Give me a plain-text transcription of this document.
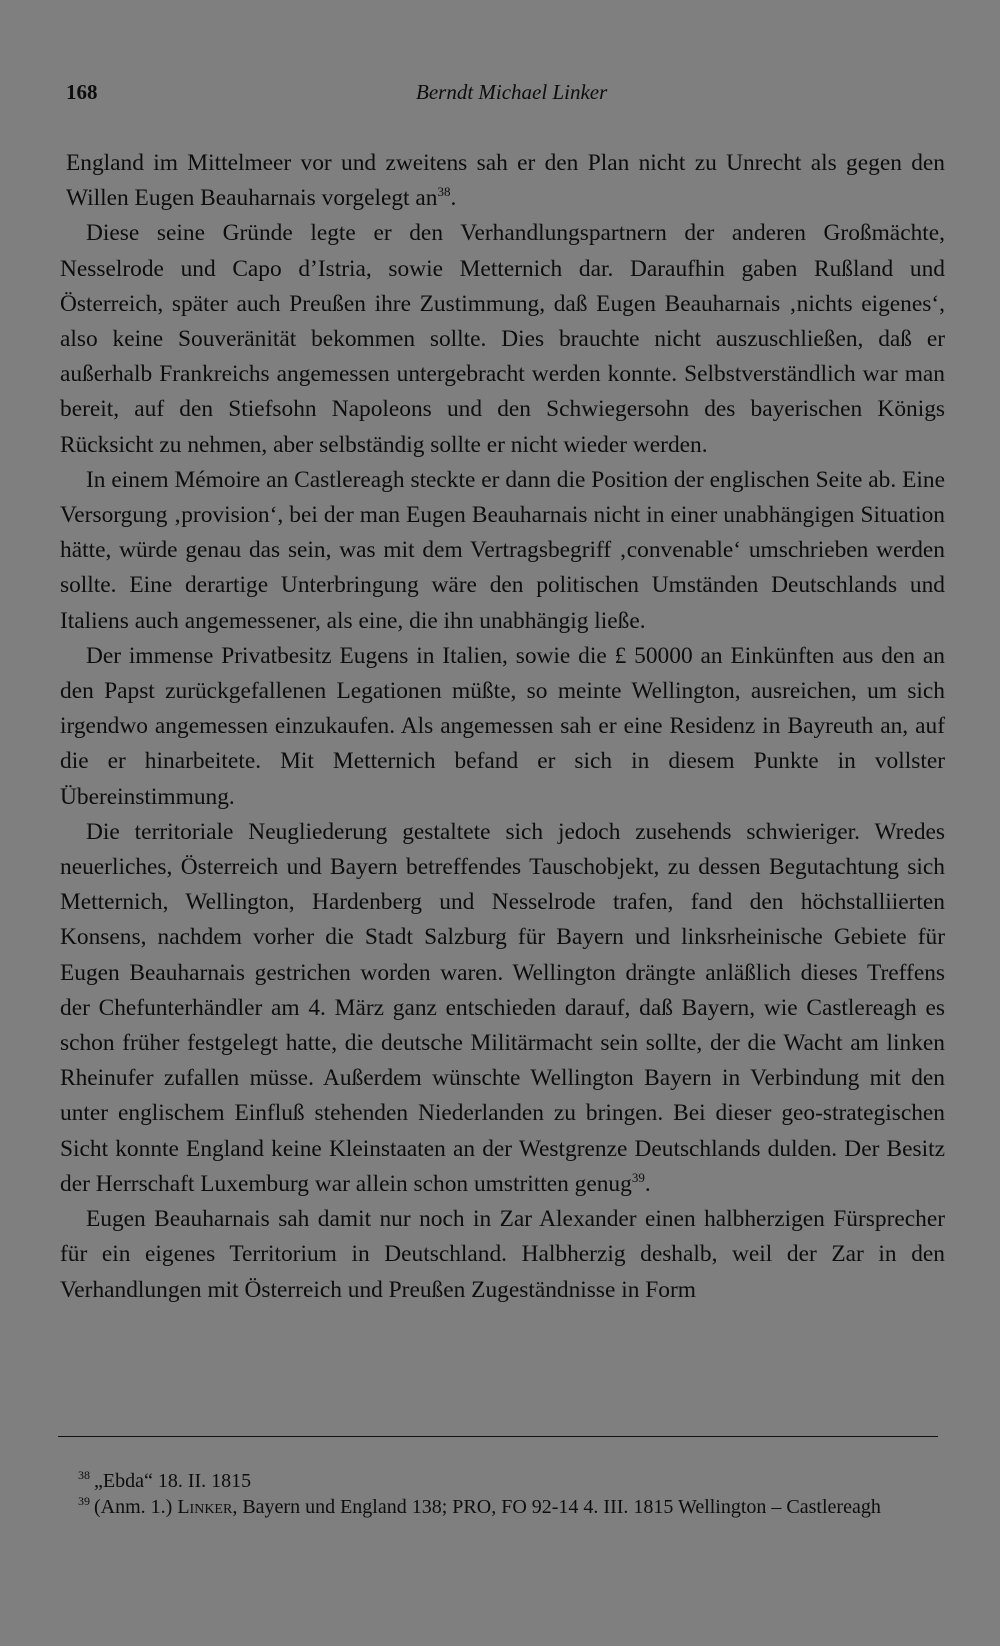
168	Berndt Michael Linker

England im Mittelmeer vor und zweitens sah er den Plan nicht zu Unrecht als gegen den Willen Eugen Beauharnais vorgelegt $an^{38}$.

Diese seine Gründe legte er den Verhandlungspartnern der anderen Großmächte, Nesselrode und Capo d’Istria, sowie Metternich dar. Daraufhin gaben Rußland und Österreich, später auch Preußen ihre Zustimmung, daß Eugen Beauharnais ‚nichts eigenes‘, also keine Souveränität bekommen sollte. Dies brauchte nicht auszuschließen, daß er außerhalb Frankreichs angemessen untergebracht werden konnte. Selbstverständlich war man bereit, auf den Stiefsohn Napoleons und den Schwiegersohn des bayerischen Königs Rücksicht zu nehmen, aber selbständig sollte er nicht wieder werden.

In einem Mémoire an Castlereagh steckte er dann die Position der englischen Seite ab. Eine Versorgung ‚provision‘, bei der man Eugen Beauharnais nicht in einer unabhängigen Situation hätte, würde genau das sein, was mit dem Vertragsbegriff ‚convenable‘ umschrieben werden sollte. Eine derartige Unterbringung wäre den politischen Umständen Deutschlands und Italiens auch angemessener, als eine, die ihn unabhängig ließe.

Der immense Privatbesitz Eugens in Italien, sowie die £ 50000 an Einkünften aus den an den Papst zurückgefallenen Legationen müßte, so meinte Wellington, ausreichen, um sich irgendwo angemessen einzukaufen. Als angemessen sah er eine Residenz in Bayreuth an, auf die er hinarbeitete. Mit Metternich befand er sich in diesem Punkte in vollster Übereinstimmung.

Die territoriale Neugliederung gestaltete sich jedoch zusehends schwieriger. Wredes neuerliches, Österreich und Bayern betreffendes Tauschobjekt, zu dessen Begutachtung sich Metternich, Wellington, Hardenberg und Nesselrode trafen, fand den höchstalliierten Konsens, nachdem vorher die Stadt Salzburg für Bayern und linksrheinische Gebiete für Eugen Beauharnais gestrichen worden waren. Wellington drängte anläßlich dieses Treffens der Chefunterhändler am 4. März ganz entschieden darauf, daß Bayern, wie Castlereagh es schon früher festgelegt hatte, die deutsche Militärmacht sein sollte, der die Wacht am linken Rheinufer zufallen müsse. Außerdem wünschte Wellington Bayern in Verbindung mit den unter englischem Einfluß stehenden Niederlanden zu bringen. Bei dieser geo-strategischen Sicht konnte England keine Kleinstaaten an der Westgrenze Deutschlands dulden. Der Besitz der Herrschaft Luxemburg war allein schon umstritten genug$^{39}$.

Eugen Beauharnais sah damit nur noch in Zar Alexander einen halbherzigen Fürsprecher für ein eigenes Territorium in Deutschland. Halbherzig deshalb, weil der Zar in den Verhandlungen mit Österreich und Preußen Zugeständnisse in Form

$^{38}$ „Ebda“ 18. II. 1815

$^{39}$ (Anm. 1.) Linker, Bayern und England 138; PRO, FO 92-14 4. III. 1815 Wellington – Castlereagh
